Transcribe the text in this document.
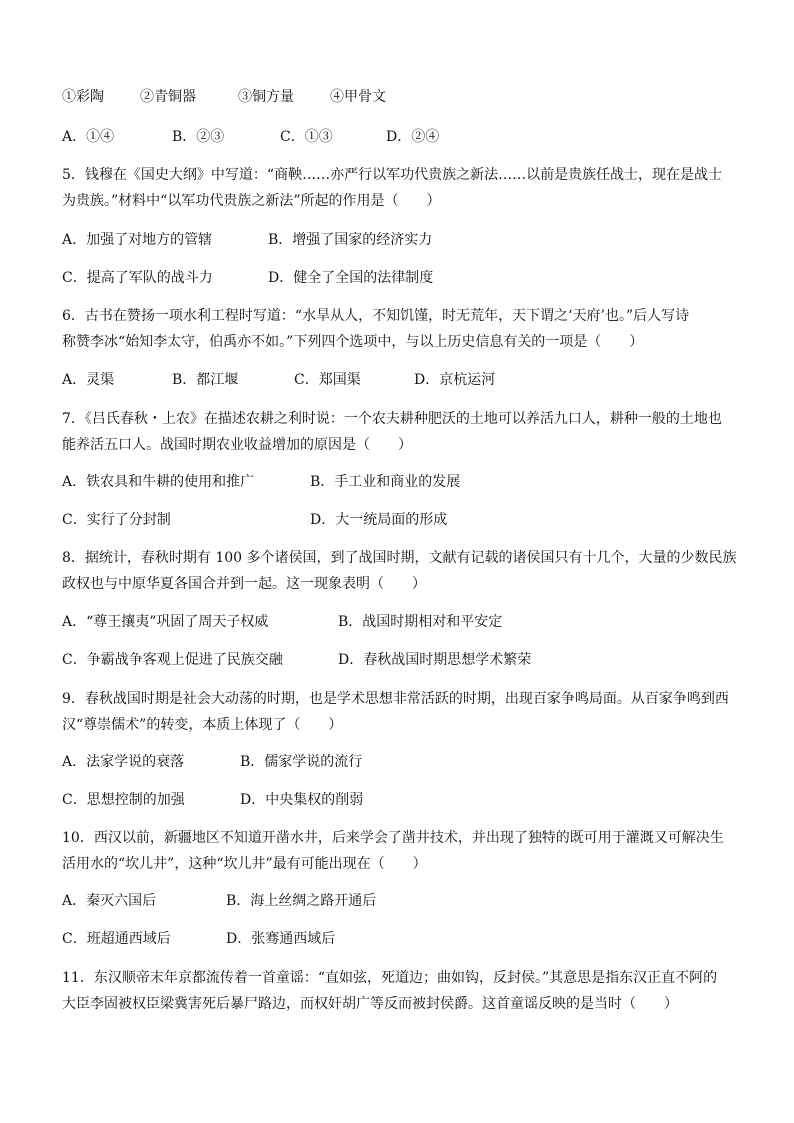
①彩陶	②青铜器	③铜方量	④甲骨文
A．①④	B．②③	C．①③	D．②④
5．钱穆在《国史大纲》中写道：“商鞅……亦严行以军功代贵族之新法……以前是贵族任战士，现在是战士
为贵族。”材料中“以军功代贵族之新法”所起的作用是（　　）
A．加强了对地方的管辖	B．增强了国家的经济实力
C．提高了军队的战斗力	D．健全了全国的法律制度
6．古书在赞扬一项水利工程时写道：“水旱从人，不知饥馑，时无荒年，天下谓之‘天府’也。”后人写诗
称赞李冰“始知李太守，伯禹亦不如。”下列四个选项中，与以上历史信息有关的一项是（　　）
A．灵渠	B．都江堰	C．郑国渠	D．京杭运河
7．《吕氏春秋・上农》在描述农耕之利时说：一个农夫耕种肥沃的土地可以养活九口人，耕种一般的土地也
能养活五口人。战国时期农业收益增加的原因是（　　）
A．铁农具和牛耕的使用和推广	B．手工业和商业的发展
C．实行了分封制	D．大一统局面的形成
8．据统计，春秋时期有 100 多个诸侯国，到了战国时期，文献有记载的诸侯国只有十几个，大量的少数民族
政权也与中原华夏各国合并到一起。这一现象表明（　　）
A．“尊王攘夷”巩固了周天子权威	B．战国时期相对和平安定
C．争霸战争客观上促进了民族交融	D．春秋战国时期思想学术繁荣
9．春秋战国时期是社会大动荡的时期，也是学术思想非常活跃的时期，出现百家争鸣局面。从百家争鸣到西
汉“尊崇儒术”的转变，本质上体现了（　　）
A．法家学说的衰落	B．儒家学说的流行
C．思想控制的加强	D．中央集权的削弱
10．西汉以前，新疆地区不知道开凿水井，后来学会了凿井技术，并出现了独特的既可用于灌溉又可解决生
活用水的“坎儿井”，这种“坎儿井”最有可能出现在（　　）
A．秦灭六国后	B．海上丝绸之路开通后
C．班超通西域后	D．张骞通西域后
11．东汉顺帝末年京都流传着一首童谣：“直如弦，死道边；曲如钩，反封侯。”其意思是指东汉正直不阿的
大臣李固被权臣梁冀害死后暴尸路边，而权奸胡广等反而被封侯爵。这首童谣反映的是当时（　　）
